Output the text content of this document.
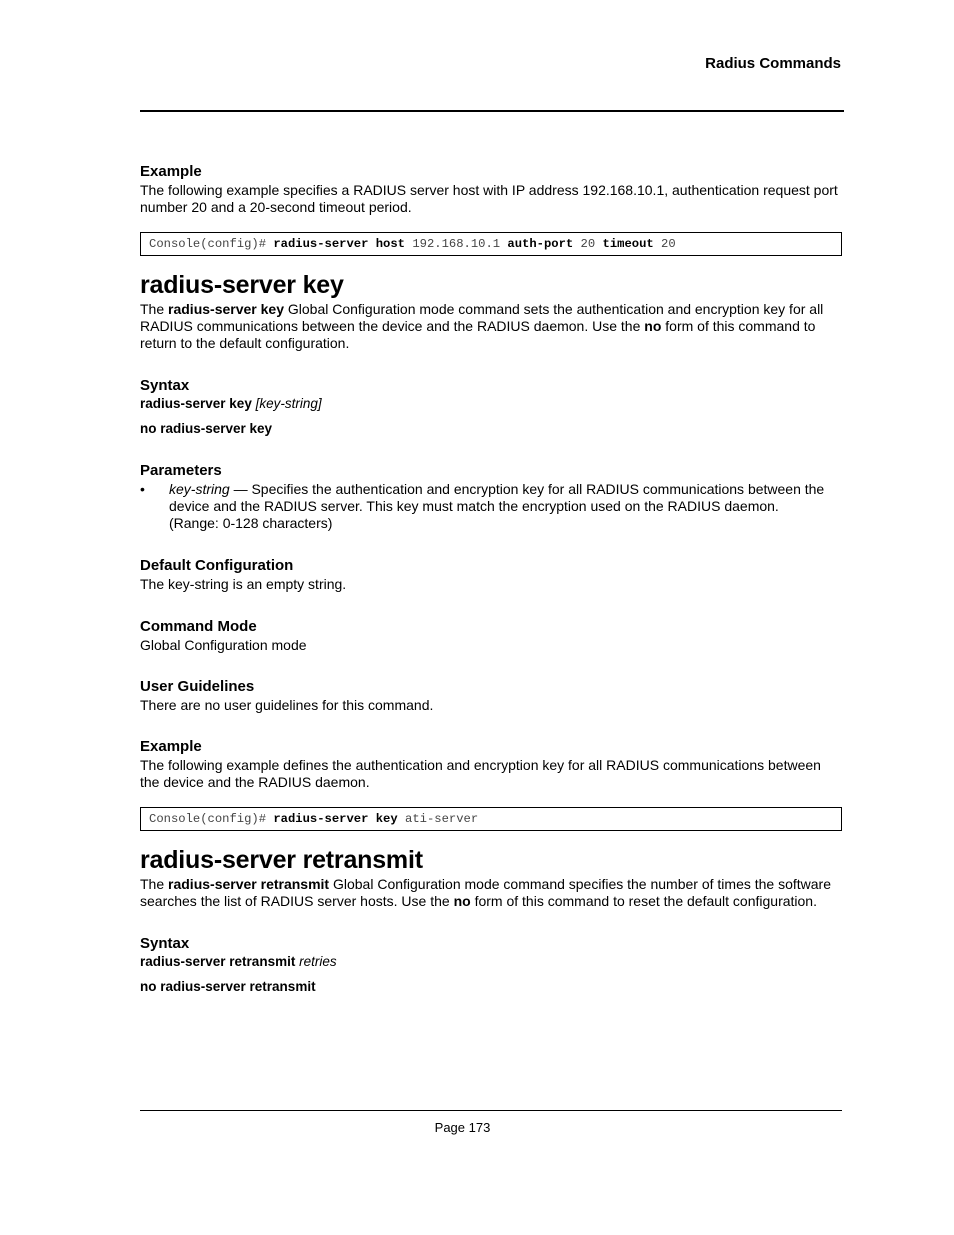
Radius Commands
Example
The following example specifies a RADIUS server host with IP address 192.168.10.1, authentication request port number 20 and a 20-second timeout period.
Console(config)# radius-server host 192.168.10.1 auth-port 20 timeout 20
radius-server key
The radius-server key Global Configuration mode command sets the authentication and encryption key for all RADIUS communications between the device and the RADIUS daemon. Use the no form of this command to return to the default configuration.
Syntax
radius-server key [key-string]
no radius-server key
Parameters
• key-string — Specifies the authentication and encryption key for all RADIUS communications between the device and the RADIUS server. This key must match the encryption used on the RADIUS daemon.
(Range: 0-128 characters)
Default Configuration
The key-string is an empty string.
Command Mode
Global Configuration mode
User Guidelines
There are no user guidelines for this command.
Example
The following example defines the authentication and encryption key for all RADIUS communications between the device and the RADIUS daemon.
Console(config)# radius-server key ati-server
radius-server retransmit
The radius-server retransmit Global Configuration mode command specifies the number of times the software searches the list of RADIUS server hosts. Use the no form of this command to reset the default configuration.
Syntax
radius-server retransmit retries
no radius-server retransmit
Page 173
